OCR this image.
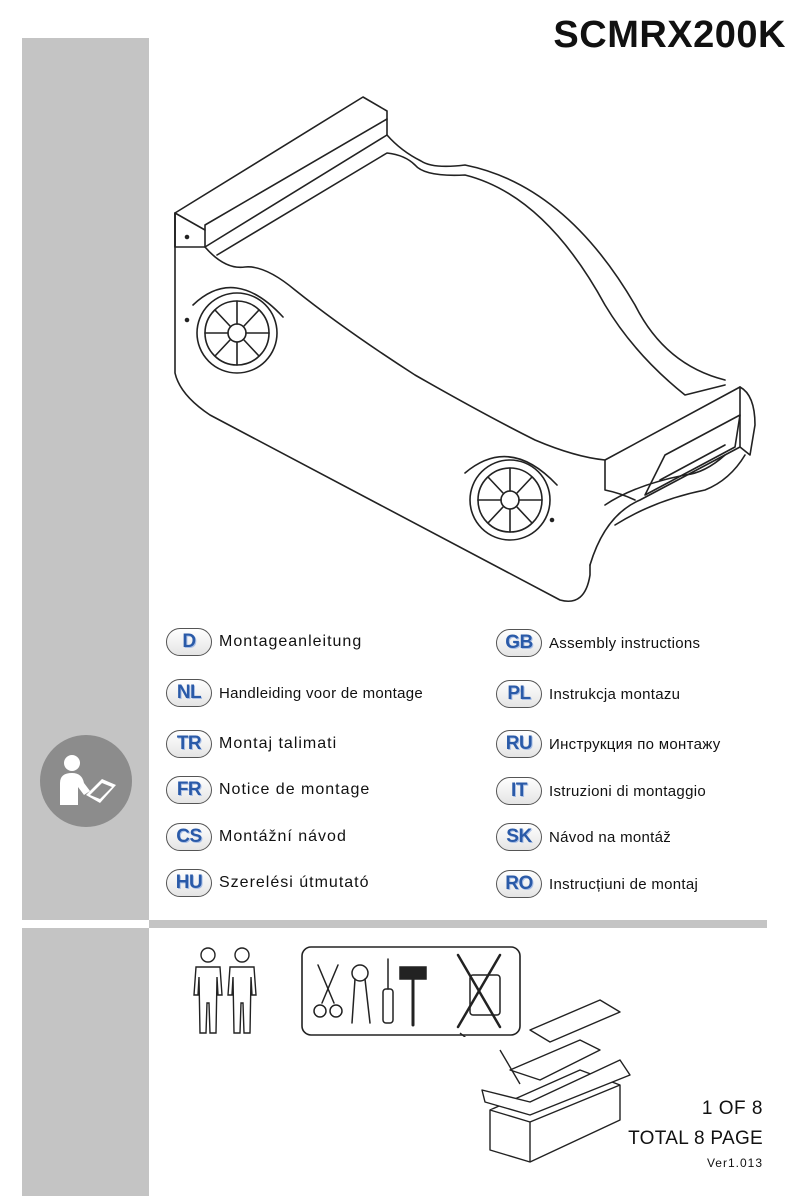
SCMRX200K
D	Montageanleitung
NL	Handleiding voor de montage
TR	Montaj talimati
FR	Notice de montage
CS	Montážní návod
HU	Szerelési útmutató
GB	Assembly instructions
PL	Instrukcja montazu
RU	Инструкция по монтажу
IT	Istruzioni di montaggio
SK	Návod na montáž
RO	Instrucțiuni de montaj
1 OF 8
TOTAL 8 PAGE
Ver1.013
